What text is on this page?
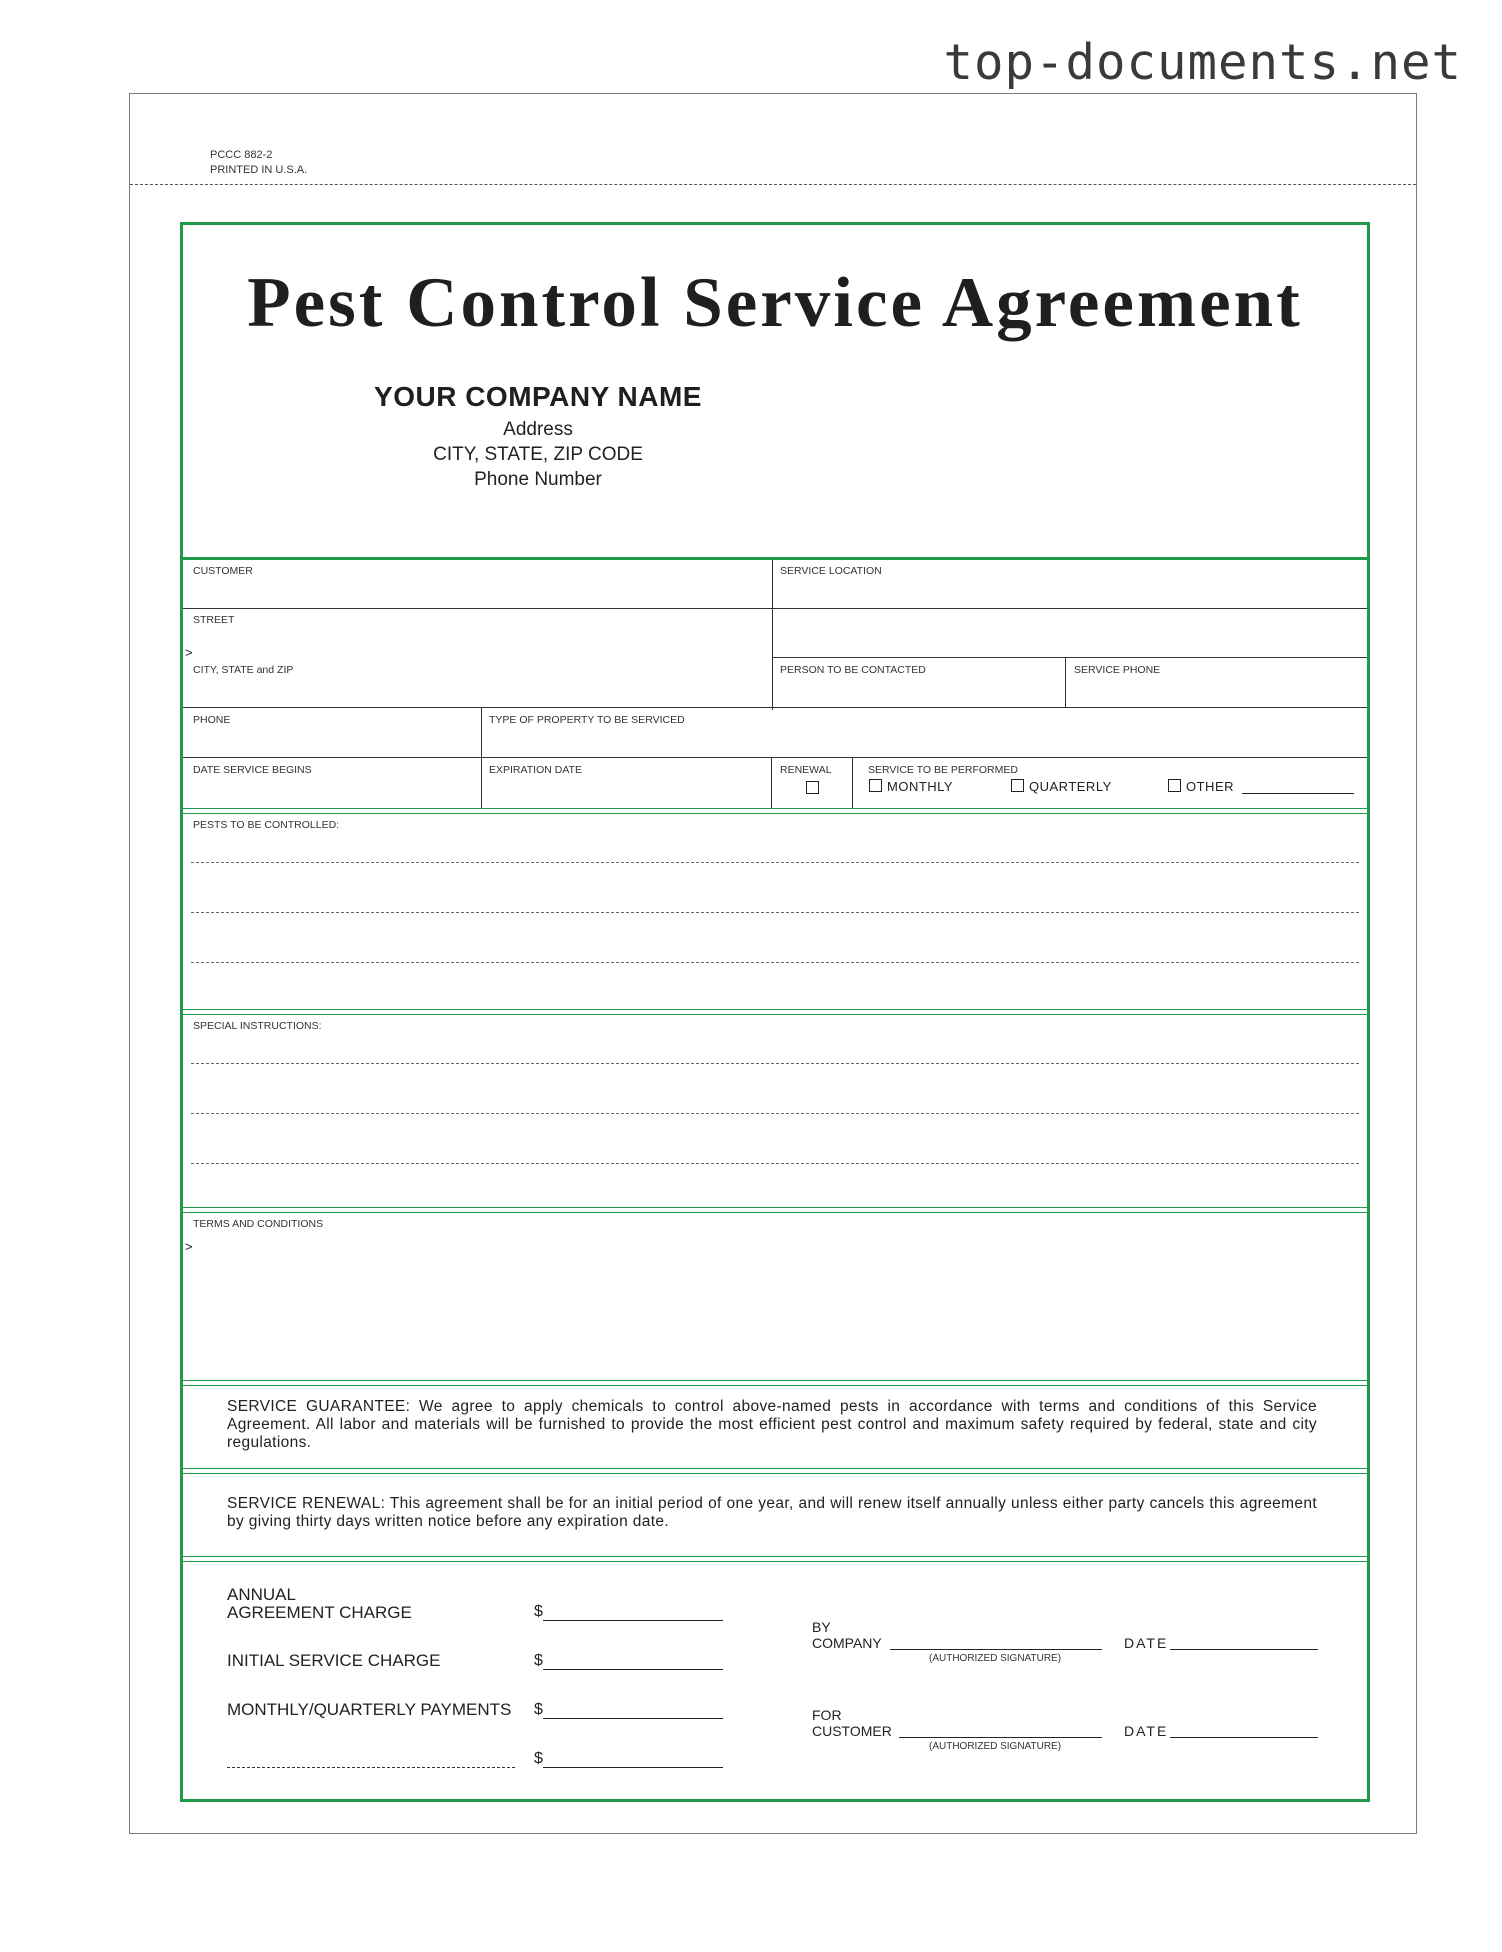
top-documents.net
PCCC 882-2
PRINTED IN U.S.A.
Pest Control Service Agreement
YOUR COMPANY NAME
Address
CITY, STATE, ZIP CODE
Phone Number
CUSTOMER	SERVICE LOCATION
STREET
>
CITY, STATE and ZIP	PERSON TO BE CONTACTED	SERVICE PHONE
PHONE	TYPE OF PROPERTY TO BE SERVICED
DATE SERVICE BEGINS	EXPIRATION DATE	RENEWAL	SERVICE TO BE PERFORMED
MONTHLY	QUARTERLY	OTHER
PESTS TO BE CONTROLLED:
SPECIAL INSTRUCTIONS:
TERMS AND CONDITIONS
>
SERVICE GUARANTEE: We agree to apply chemicals to control above-named pests in accordance with terms and conditions of this Service Agreement. All labor and materials will be furnished to provide the most efficient pest control and maximum safety required by federal, state and city regulations.
SERVICE RENEWAL: This agreement shall be for an initial period of one year, and will renew itself annually unless either party cancels this agreement by giving thirty days written notice before any expiration date.
ANNUAL
AGREEMENT CHARGE	$
INITIAL SERVICE CHARGE	$
MONTHLY/QUARTERLY PAYMENTS $
$
BY
COMPANY
(AUTHORIZED SIGNATURE)
DATE
FOR
CUSTOMER
(AUTHORIZED SIGNATURE)
DATE
